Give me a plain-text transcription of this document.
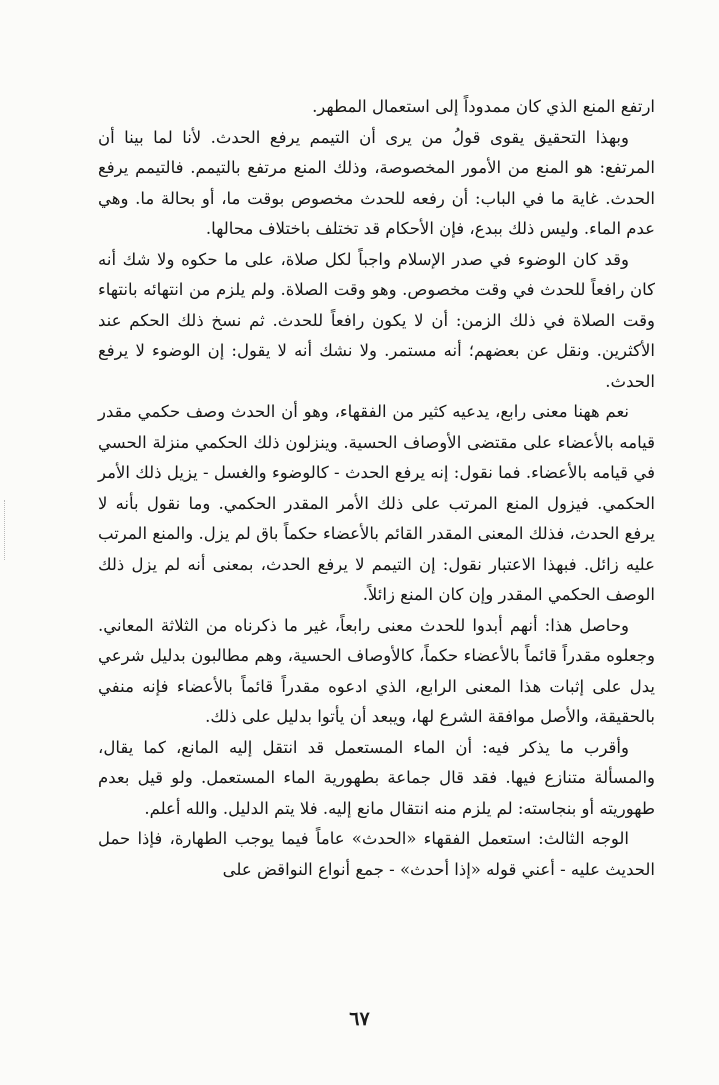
ارتفع المنع الذي كان ممدوداً إلى استعمال المطهر.

وبهذا التحقيق يقوى قولُ من يرى أن التيمم يرفع الحدث. لأنا لما بينا أن المرتفع: هو المنع من الأمور المخصوصة، وذلك المنع مرتفع بالتيمم. فالتيمم يرفع الحدث. غاية ما في الباب: أن رفعه للحدث مخصوص بوقت ما، أو بحالة ما. وهي عدم الماء. وليس ذلك ببدع، فإن الأحكام قد تختلف باختلاف محالها.

وقد كان الوضوء في صدر الإسلام واجباً لكل صلاة، على ما حكوه ولا شك أنه كان رافعاً للحدث في وقت مخصوص. وهو وقت الصلاة. ولم يلزم من انتهائه بانتهاء وقت الصلاة في ذلك الزمن: أن لا يكون رافعاً للحدث. ثم نسخ ذلك الحكم عند الأكثرين. ونقل عن بعضهم؛ أنه مستمر. ولا نشك أنه لا يقول: إن الوضوء لا يرفع الحدث.

نعم ههنا معنى رابع، يدعيه كثير من الفقهاء، وهو أن الحدث وصف حكمي مقدر قيامه بالأعضاء على مقتضى الأوصاف الحسية. وينزلون ذلك الحكمي منزلة الحسي في قيامه بالأعضاء. فما نقول: إنه يرفع الحدث - كالوضوء والغسل - يزيل ذلك الأمر الحكمي. فيزول المنع المرتب على ذلك الأمر المقدر الحكمي. وما نقول بأنه لا يرفع الحدث، فذلك المعنى المقدر القائم بالأعضاء حكماً باق لم يزل. والمنع المرتب عليه زائل. فبهذا الاعتبار نقول: إن التيمم لا يرفع الحدث، بمعنى أنه لم يزل ذلك الوصف الحكمي المقدر وإن كان المنع زائلاً.

وحاصل هذا: أنهم أبدوا للحدث معنى رابعاً، غير ما ذكرناه من الثلاثة المعاني. وجعلوه مقدراً قائماً بالأعضاء حكماً، كالأوصاف الحسية، وهم مطالبون بدليل شرعي يدل على إثبات هذا المعنى الرابع، الذي ادعوه مقدراً قائماً بالأعضاء فإنه منفي بالحقيقة، والأصل موافقة الشرع لها، ويبعد أن يأتوا بدليل على ذلك.

وأقرب ما يذكر فيه: أن الماء المستعمل قد انتقل إليه المانع، كما يقال، والمسألة متنازع فيها. فقد قال جماعة بطهورية الماء المستعمل. ولو قيل بعدم طهوريته أو بنجاسته: لم يلزم منه انتقال مانع إليه. فلا يتم الدليل. والله أعلم.

الوجه الثالث: استعمل الفقهاء «الحدث» عاماً فيما يوجب الطهارة، فإذا حمل الحديث عليه - أعني قوله «إذا أحدث» - جمع أنواع النواقض على

٦٧
